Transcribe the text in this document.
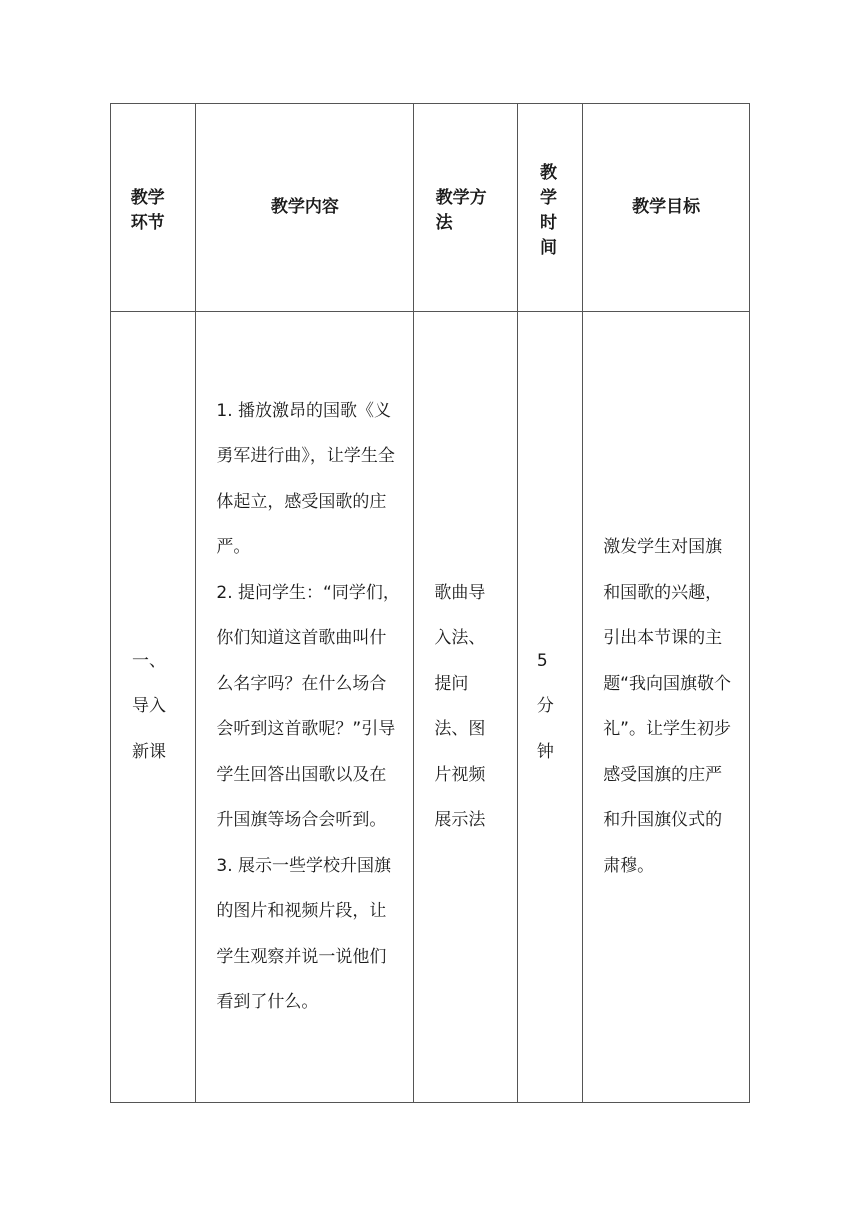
教学环节	教学内容	教学方法	教学时间	教学目标

一、导入新课	1. 播放激昂的国歌《义勇军进行曲》，让学生全体起立，感受国歌的庄严。

2. 提问学生：“同学们，你们知道这首歌曲叫什么名字吗？在什么场合会听到这首歌呢？”引导学生回答出国歌以及在升国旗等场合会听到。

3. 展示一些学校升国旗的图片和视频片段，让学生观察并说一说他们看到了什么。	歌曲导入法、提问法、图片视频展示法	5分钟	激发学生对国旗和国歌的兴趣，引出本节课的主题“我向国旗敬个礼”。让学生初步感受国旗的庄严和升国旗仪式的肃穆。
